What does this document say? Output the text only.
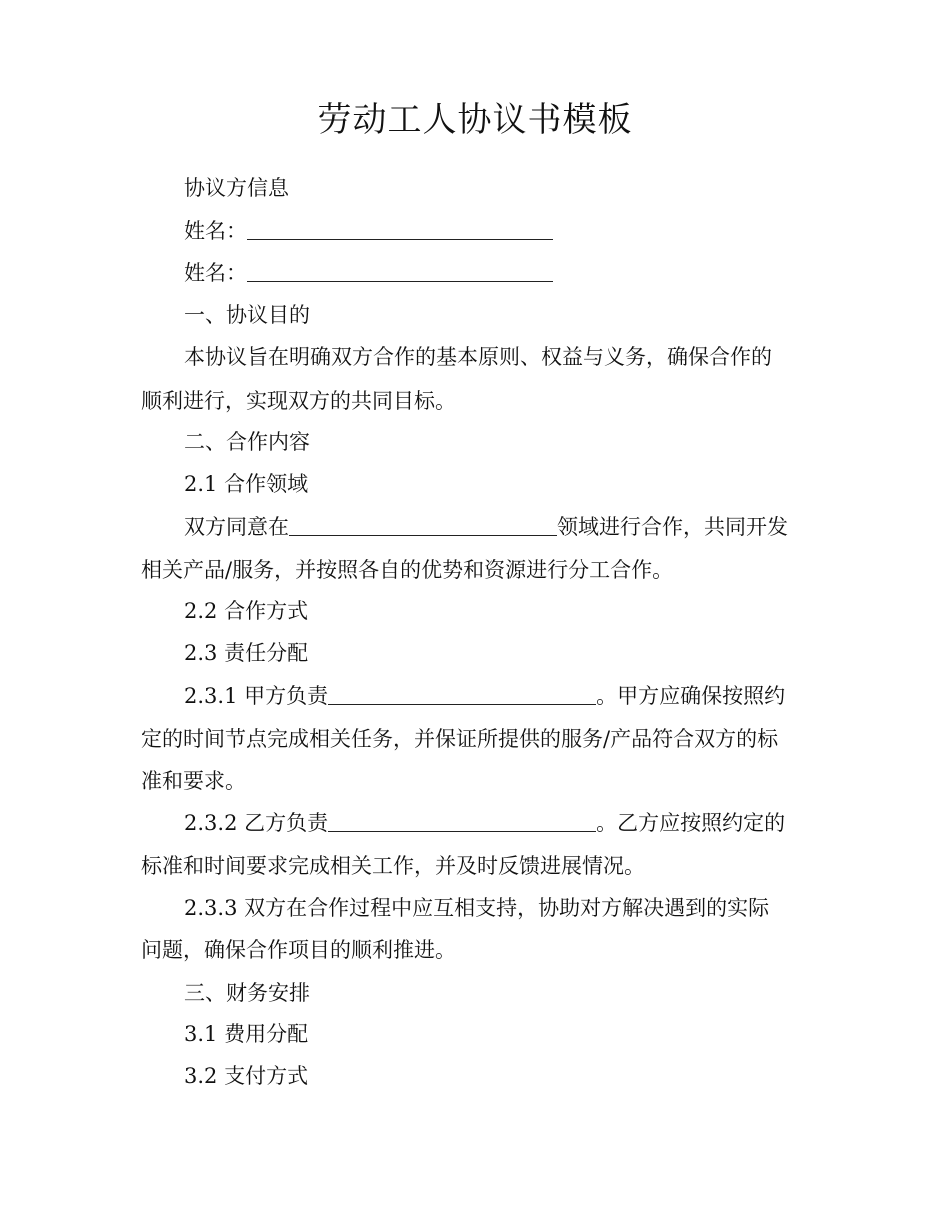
劳动工人协议书模板
协议方信息
姓名：
姓名：
一、协议目的
本协议旨在明确双方合作的基本原则、权益与义务，确保合作的
顺利进行，实现双方的共同目标。
二、合作内容
2.1 合作领域
双方同意在	领域进行合作，共同开发
相关产品/服务，并按照各自的优势和资源进行分工合作。
2.2 合作方式
2.3 责任分配
2.3.1 甲方负责	。甲方应确保按照约
定的时间节点完成相关任务，并保证所提供的服务/产品符合双方的标
准和要求。
2.3.2 乙方负责	。乙方应按照约定的
标准和时间要求完成相关工作，并及时反馈进展情况。
2.3.3 双方在合作过程中应互相支持，协助对方解决遇到的实际
问题，确保合作项目的顺利推进。
三、财务安排
3.1 费用分配
3.2 支付方式
